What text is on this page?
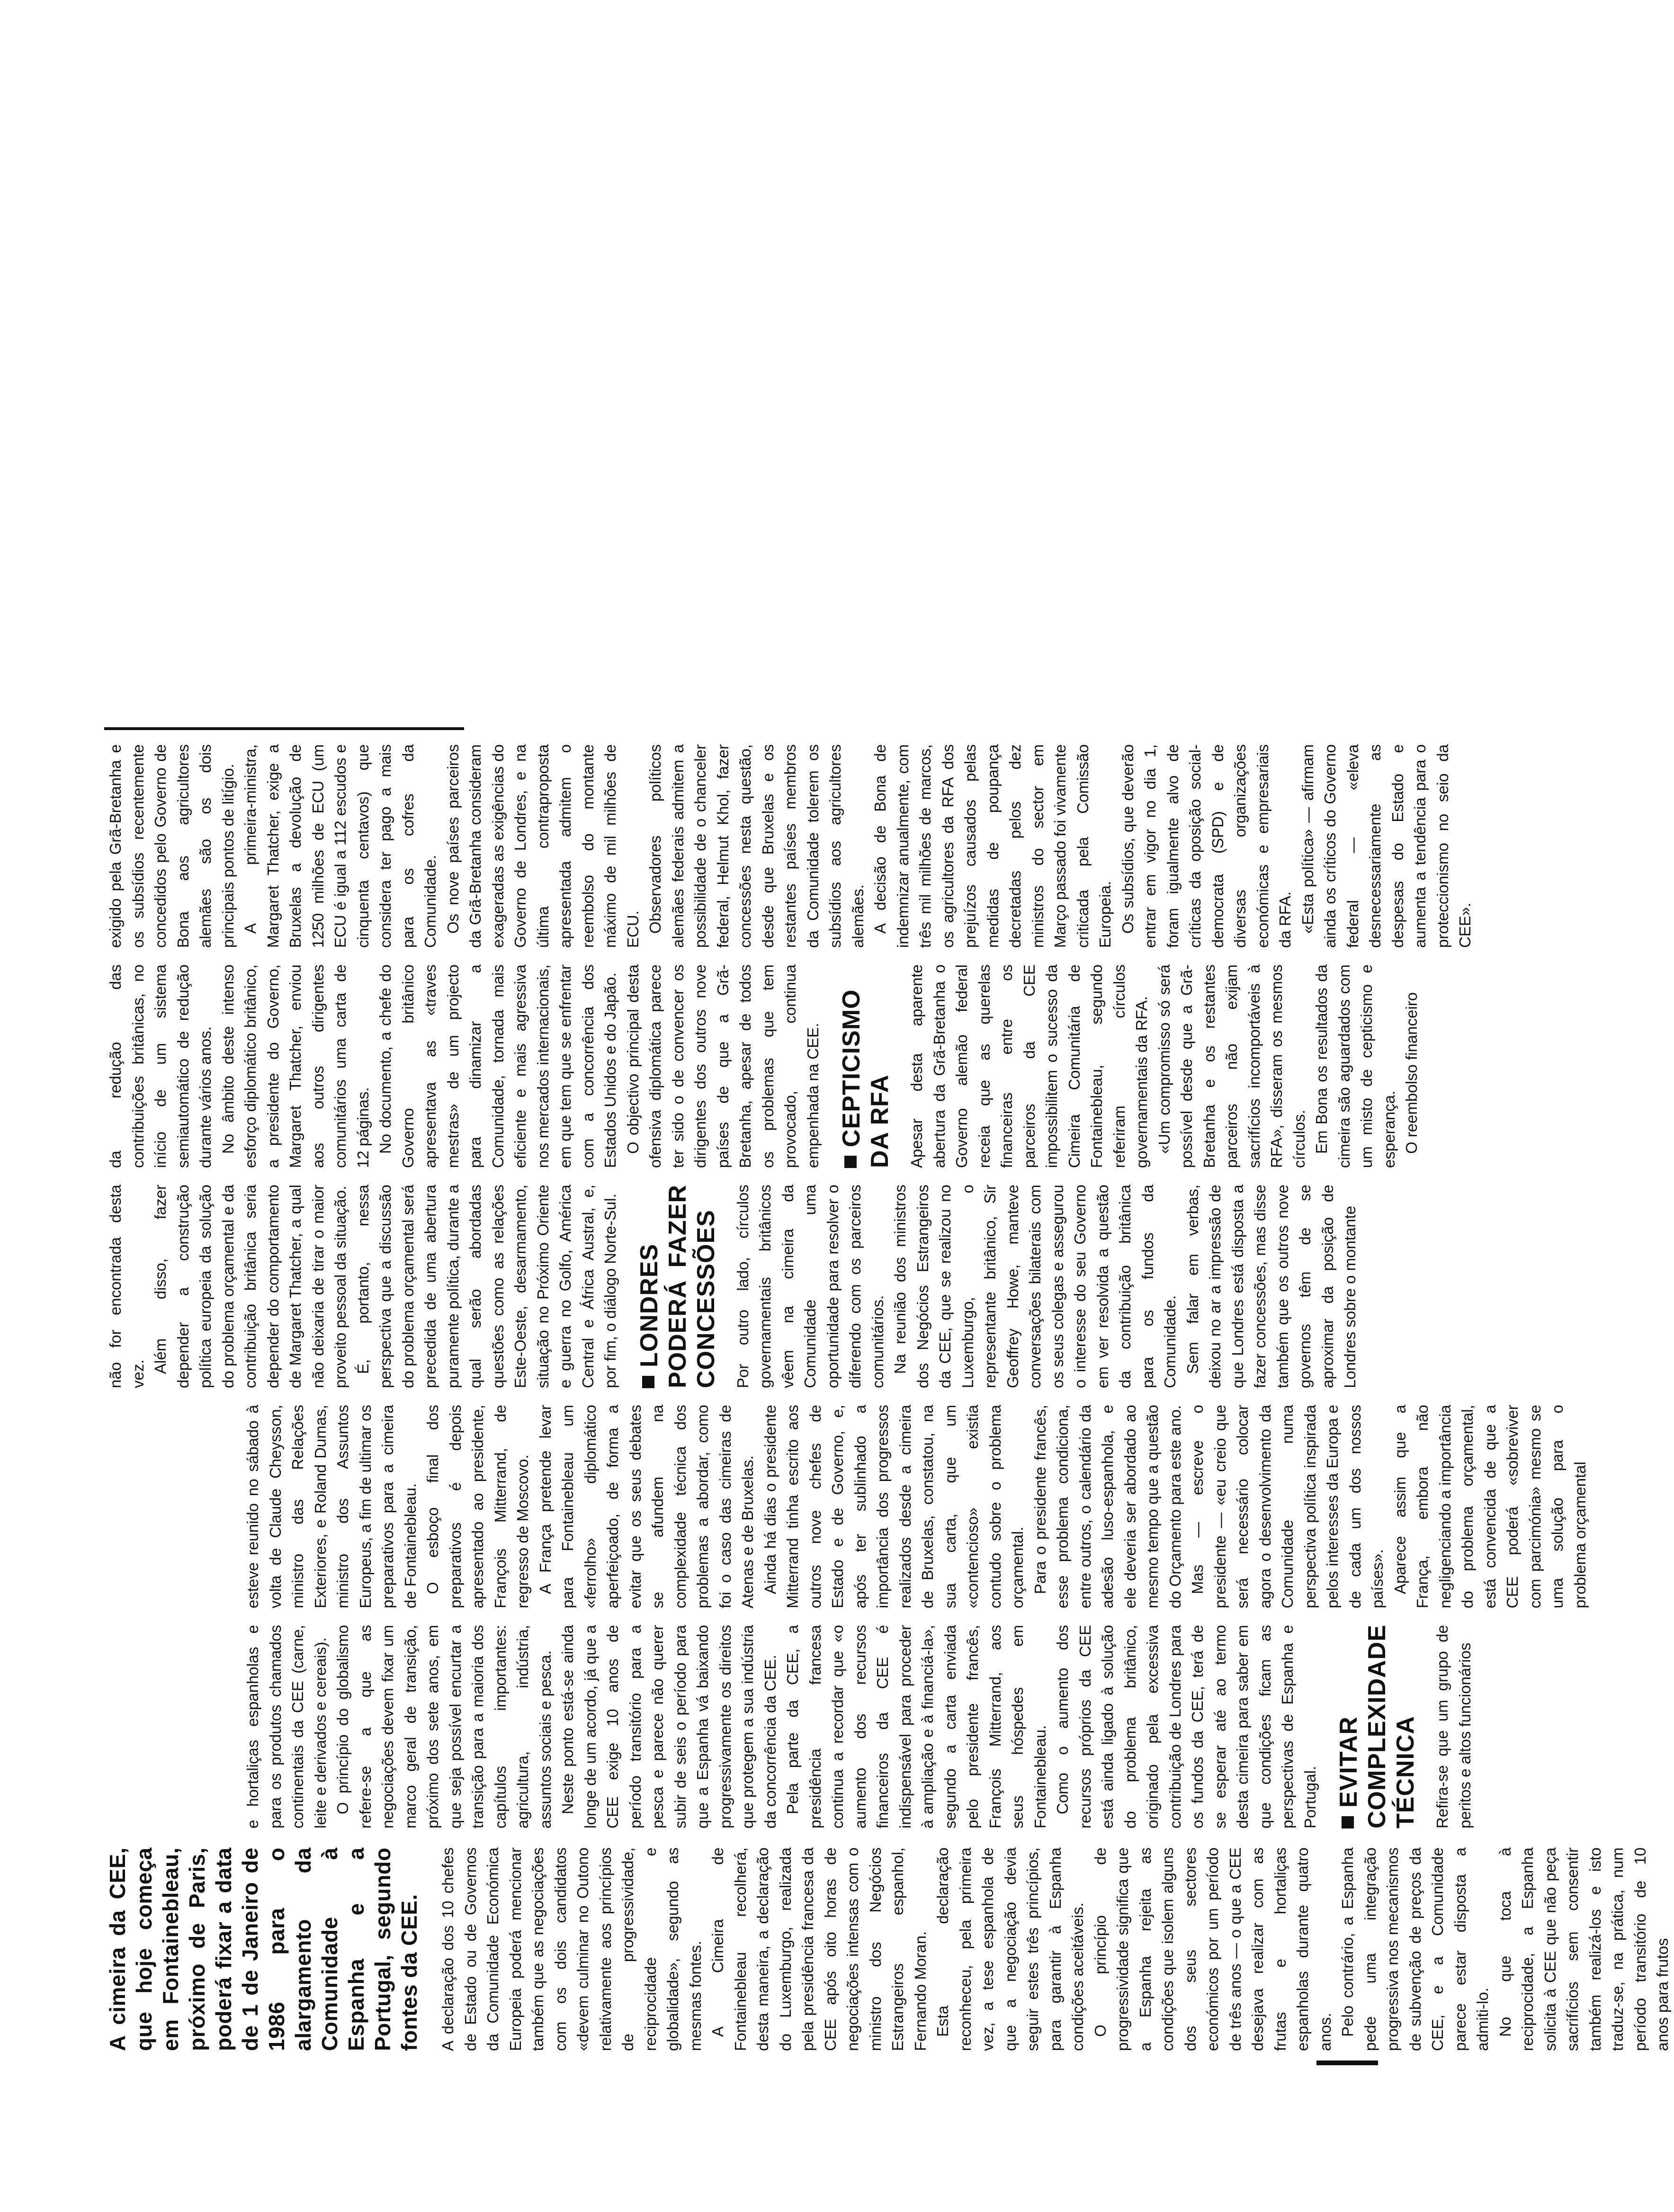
A cimeira da CEE, que hoje começa em Fontainebleau, próximo de Paris, poderá fixar a data de 1 de Janeiro de 1986 para o alargamento da Comunidade à Espanha e a Portugal, segundo fontes da CEE. A declaração dos 10 chefes de Estado ou de Governos da Comunidade Económica Europeia poderá mencionar também que as negociações com os dois candidatos «devem culminar no Outono relativamente aos princípios de progressividade, reciprocidade e globalidade», segundo as mesmas fontes. A Cimeira de Fontainebleau recolherá, desta maneira, a declaração do Luxemburgo, realizada pela presidência francesa da CEE após oito horas de negociações intensas com o ministro dos Negócios Estrangeiros espanhol, Fernando Moran. Esta declaração reconheceu, pela primeira vez, a tese espanhola de que a negociação devia seguir estes três princípios, para garantir à Espanha condições aceitáveis. O princípio de progressividade significa que a Espanha rejeita as condições que isolem alguns dos seus sectores económicos por um período de três anos — o que a CEE desejava realizar com as frutas e hortaliças espanholas durante quatro anos. Pelo contrário, a Espanha pede uma integração progressiva nos mecanismos de subvenção de preços da CEE, e a Comunidade parece estar disposta a admiti-lo. No que toca à reciprocidade, a Espanha solicita à CEE que não peça sacrifícios sem consentir também realizá-los e isto traduz-se, na prática, num período transitório de 10 anos para frutos

e hortaliças espanholas e para os produtos chamados continentais da CEE (carne, leite e derivados e cereais). O princípio do globalismo refere-se a que as negociações devem fixar um marco geral de transição, próximo dos sete anos, em que seja possível encurtar a transição para a maioria dos capítulos importantes: agricultura, indústria, assuntos sociais e pesca. Neste ponto está-se ainda longe de um acordo, já que a CEE exige 10 anos de período transitório para a pesca e parece não querer subir de seis o período para que a Espanha vá baixando progressivamente os direitos que protegem a sua indústria da concorrência da CEE. Pela parte da CEE, a presidência francesa continua a recordar que «o aumento dos recursos financeiros da CEE é indispensável para proceder à ampliação e à financiá-la», segundo a carta enviada pelo presidente francês, François Mitterrand, aos seus hóspedes em Fontainebleau. Como o aumento dos recursos próprios da CEE está ainda ligado à solução do problema britânico, originado pela excessiva contribuição de Londres para os fundos da CEE, terá de se esperar até ao termo desta cimeira para saber em que condições ficam as perspectivas de Espanha e Portugal. EVITAR COMPLEXIDADE TÉCNICA Refira-se que um grupo de peritos e altos funcionários

esteve reunido no sábado à volta de Claude Cheysson, ministro das Relações Exteriores, e Roland Dumas, ministro dos Assuntos Europeus, a fim de ultimar os preparativos para a cimeira de Fontainebleau. O esboço final dos preparativos é depois apresentado ao presidente, François Mitterrand, de regresso de Moscovo. A França pretende levar para Fontainebleau um «ferrolho» diplomático aperfeiçoado, de forma a evitar que os seus debates se afundem na complexidade técnica dos problemas a abordar, como foi o caso das cimeiras de Atenas e de Bruxelas. Ainda há dias o presidente Mitterrand tinha escrito aos outros nove chefes de Estado e de Governo, e, após ter sublinhado a importância dos progressos realizados desde a cimeira de Bruxelas, constatou, na sua carta, que um «contencioso» existia contudo sobre o problema orçamental. Para o presidente francês, esse problema condiciona, entre outros, o calendário da adesão luso-espanhola, e ele deveria ser abordado ao mesmo tempo que a questão do Orçamento para este ano. Mas — escreve o presidente — «eu creio que será necessário colocar agora o desenvolvimento da Comunidade numa perspectiva política inspirada pelos interesses da Europa e de cada um dos nossos países». Aparece assim que a França, embora não negligenciando a importância do problema orçamental, está convencida de que a CEE poderá «sobreviver com parcimónia» mesmo se uma solução para o problema orçamental

não for encontrada desta vez. Além disso, fazer depender a construção política europeia da solução do problema orçamental e da contribuição britânica seria depender do comportamento de Margaret Thatcher, a qual não deixaria de tirar o maior proveito pessoal da situação. É, portanto, nessa perspectiva que a discussão do problema orçamental será precedida de uma abertura puramente política, durante a qual serão abordadas questões como as relações Este-Oeste, desarmamento, situação no Próximo Oriente e guerra no Golfo, América Central e África Austral, e, por fim, o diálogo Norte-Sul. LONDRES PODERÁ FAZER CONCESSÕES Por outro lado, círculos governamentais britânicos vêem na cimeira da Comunidade uma oportunidade para resolver o diferendo com os parceiros comunitários. Na reunião dos ministros dos Negócios Estrangeiros da CEE, que se realizou no Luxemburgo, o representante britânico, Sir Geoffrey Howe, manteve conversações bilaterais com os seus colegas e assegurou o interesse do seu Governo em ver resolvida a questão da contribuição britânica para os fundos da Comunidade. Sem falar em verbas, deixou no ar a impressão de que Londres está disposta a fazer concessões, mas disse também que os outros nove governos têm de se aproximar da posição de Londres sobre o montante

da redução das contribuições britânicas, no início de um sistema semiautomático de redução durante vários anos. No âmbito deste intenso esforço diplomático britânico, a presidente do Governo, Margaret Thatcher, enviou aos outros dirigentes comunitários uma carta de 12 páginas. No documento, a chefe do Governo britânico apresentava as «traves mestras» de um projecto para dinamizar a Comunidade, tornada mais eficiente e mais agressiva nos mercados internacionais, em que tem que se enfrentar com a concorrência dos Estados Unidos e do Japão. O objectivo principal desta ofensiva diplomática parece ter sido o de convencer os dirigentes dos outros nove países de que a Grã-Bretanha, apesar de todos os problemas que tem provocado, continua empenhada na CEE. CEPTICISMO DA RFA Apesar desta aparente abertura da Grã-Bretanha o Governo alemão federal receia que as querelas financeiras entre os parceiros da CEE impossibilitem o sucesso da Cimeira Comunitária de Fontainebleau, segundo referiram círculos governamentais da RFA. «Um compromisso só será possível desde que a Grã-Bretanha e os restantes parceiros não exijam sacrifícios incomportáveis à RFA», disseram os mesmos círculos. Em Bona os resultados da cimeira são aguardados com um misto de cepticismo e esperança. O reembolso financeiro

exigido pela Grã-Bretanha e os subsídios recentemente concedidos pelo Governo de Bona aos agricultores alemães são os dois principais pontos de litígio. A primeira-ministra, Margaret Thatcher, exige a Bruxelas a devolução de 1250 milhões de ECU (um ECU é igual a 112 escudos e cinquenta centavos) que considera ter pago a mais para os cofres da Comunidade. Os nove países parceiros da Grã-Bretanha consideram exageradas as exigências do Governo de Londres, e na última contraproposta apresentada admitem o reembolso do montante máximo de mil milhões de ECU. Observadores políticos alemães federais admitem a possibilidade de o chanceler federal, Helmut Khol, fazer concessões nesta questão, desde que Bruxelas e os restantes países membros da Comunidade tolerem os subsídios aos agricultores alemães. A decisão de Bona de indemnizar anualmente, com três mil milhões de marcos, os agricultores da RFA dos prejuízos causados pelas medidas de poupança decretadas pelos dez ministros do sector em Março passado foi vivamente criticada pela Comissão Europeia. Os subsídios, que deverão entrar em vigor no dia 1, foram igualmente alvo de críticas da oposição social-democrata (SPD) e de diversas organizações económicas e empresariais da RFA. «Esta política» — afirmam ainda os críticos do Governo federal — «eleva desnecessariamente as despesas do Estado e aumenta a tendência para o proteccionismo no seio da CEE».
